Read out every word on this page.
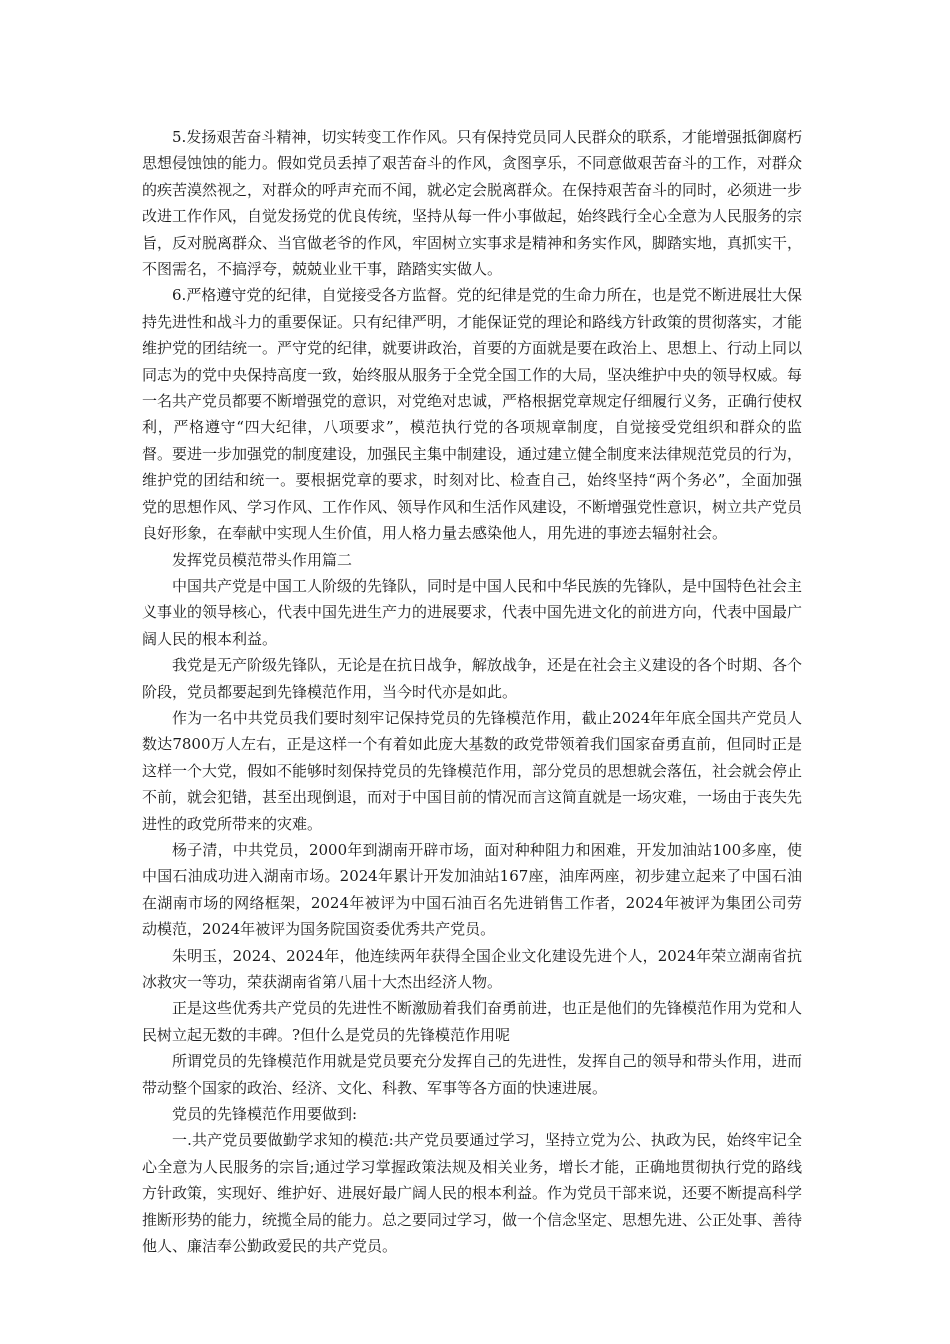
5.发扬艰苦奋斗精神，切实转变工作作风。只有保持党员同人民群众的联系，才能增强抵御腐朽思想侵蚀蚀的能力。假如党员丢掉了艰苦奋斗的作风，贪图享乐，不同意做艰苦奋斗的工作，对群众的疾苦漠然视之，对群众的呼声充而不闻，就必定会脱离群众。在保持艰苦奋斗的同时，必须进一步改进工作作风，自觉发扬党的优良传统，坚持从每一件小事做起，始终践行全心全意为人民服务的宗旨，反对脱离群众、当官做老爷的作风，牢固树立实事求是精神和务实作风，脚踏实地，真抓实干，不图需名，不搞浮夸，兢兢业业干事，踏踏实实做人。

6.严格遵守党的纪律，自觉接受各方监督。党的纪律是党的生命力所在，也是党不断进展壮大保持先进性和战斗力的重要保证。只有纪律严明，才能保证党的理论和路线方针政策的贯彻落实，才能维护党的团结统一。严守党的纪律，就要讲政治，首要的方面就是要在政治上、思想上、行动上同以同志为的党中央保持高度一致，始终服从服务于全党全国工作的大局，坚决维护中央的领导权威。每一名共产党员都要不断增强党的意识，对党绝对忠诚，严格根据党章规定仔细履行义务，正确行使权利，严格遵守“四大纪律，八项要求”，模范执行党的各项规章制度，自觉接受党组织和群众的监督。要进一步加强党的制度建设，加强民主集中制建设，通过建立健全制度来法律规范党员的行为，维护党的团结和统一。要根据党章的要求，时刻对比、检查自己，始终坚持“两个务必”，全面加强党的思想作风、学习作风、工作作风、领导作风和生活作风建设，不断增强党性意识，树立共产党员良好形象，在奉献中实现人生价值，用人格力量去感染他人，用先进的事迹去辐射社会。

发挥党员模范带头作用篇二

中国共产党是中国工人阶级的先锋队，同时是中国人民和中华民族的先锋队，是中国特色社会主义事业的领导核心，代表中国先进生产力的进展要求，代表中国先进文化的前进方向，代表中国最广阔人民的根本利益。

我党是无产阶级先锋队，无论是在抗日战争，解放战争，还是在社会主义建设的各个时期、各个阶段，党员都要起到先锋模范作用，当今时代亦是如此。

作为一名中共党员我们要时刻牢记保持党员的先锋模范作用，截止2024年年底全国共产党员人数达7800万人左右，正是这样一个有着如此庞大基数的政党带领着我们国家奋勇直前，但同时正是这样一个大党，假如不能够时刻保持党员的先锋模范作用，部分党员的思想就会落伍，社会就会停止不前，就会犯错，甚至出现倒退，而对于中国目前的情况而言这简直就是一场灾难，一场由于丧失先进性的政党所带来的灾难。

杨子清，中共党员，2000年到湖南开辟市场，面对种种阻力和困难，开发加油站100多座，使中国石油成功进入湖南市场。2024年累计开发加油站167座，油库两座，初步建立起来了中国石油在湖南市场的网络框架，2024年被评为中国石油百名先进销售工作者，2024年被评为集团公司劳动模范，2024年被评为国务院国资委优秀共产党员。

朱明玉，2024、2024年，他连续两年获得全国企业文化建设先进个人，2024年荣立湖南省抗冰救灾一等功，荣获湖南省第八届十大杰出经济人物。

正是这些优秀共产党员的先进性不断激励着我们奋勇前进，也正是他们的先锋模范作用为党和人民树立起无数的丰碑。?但什么是党员的先锋模范作用呢

所谓党员的先锋模范作用就是党员要充分发挥自己的先进性，发挥自己的领导和带头作用，进而带动整个国家的政治、经济、文化、科教、军事等各方面的快速进展。

党员的先锋模范作用要做到:

一.共产党员要做勤学求知的模范:共产党员要通过学习，坚持立党为公、执政为民，始终牢记全心全意为人民服务的宗旨;通过学习掌握政策法规及相关业务，增长才能，正确地贯彻执行党的路线方针政策，实现好、维护好、进展好最广阔人民的根本利益。作为党员干部来说，还要不断提高科学推断形势的能力，统揽全局的能力。总之要同过学习，做一个信念坚定、思想先进、公正处事、善待他人、廉洁奉公勤政爱民的共产党员。
